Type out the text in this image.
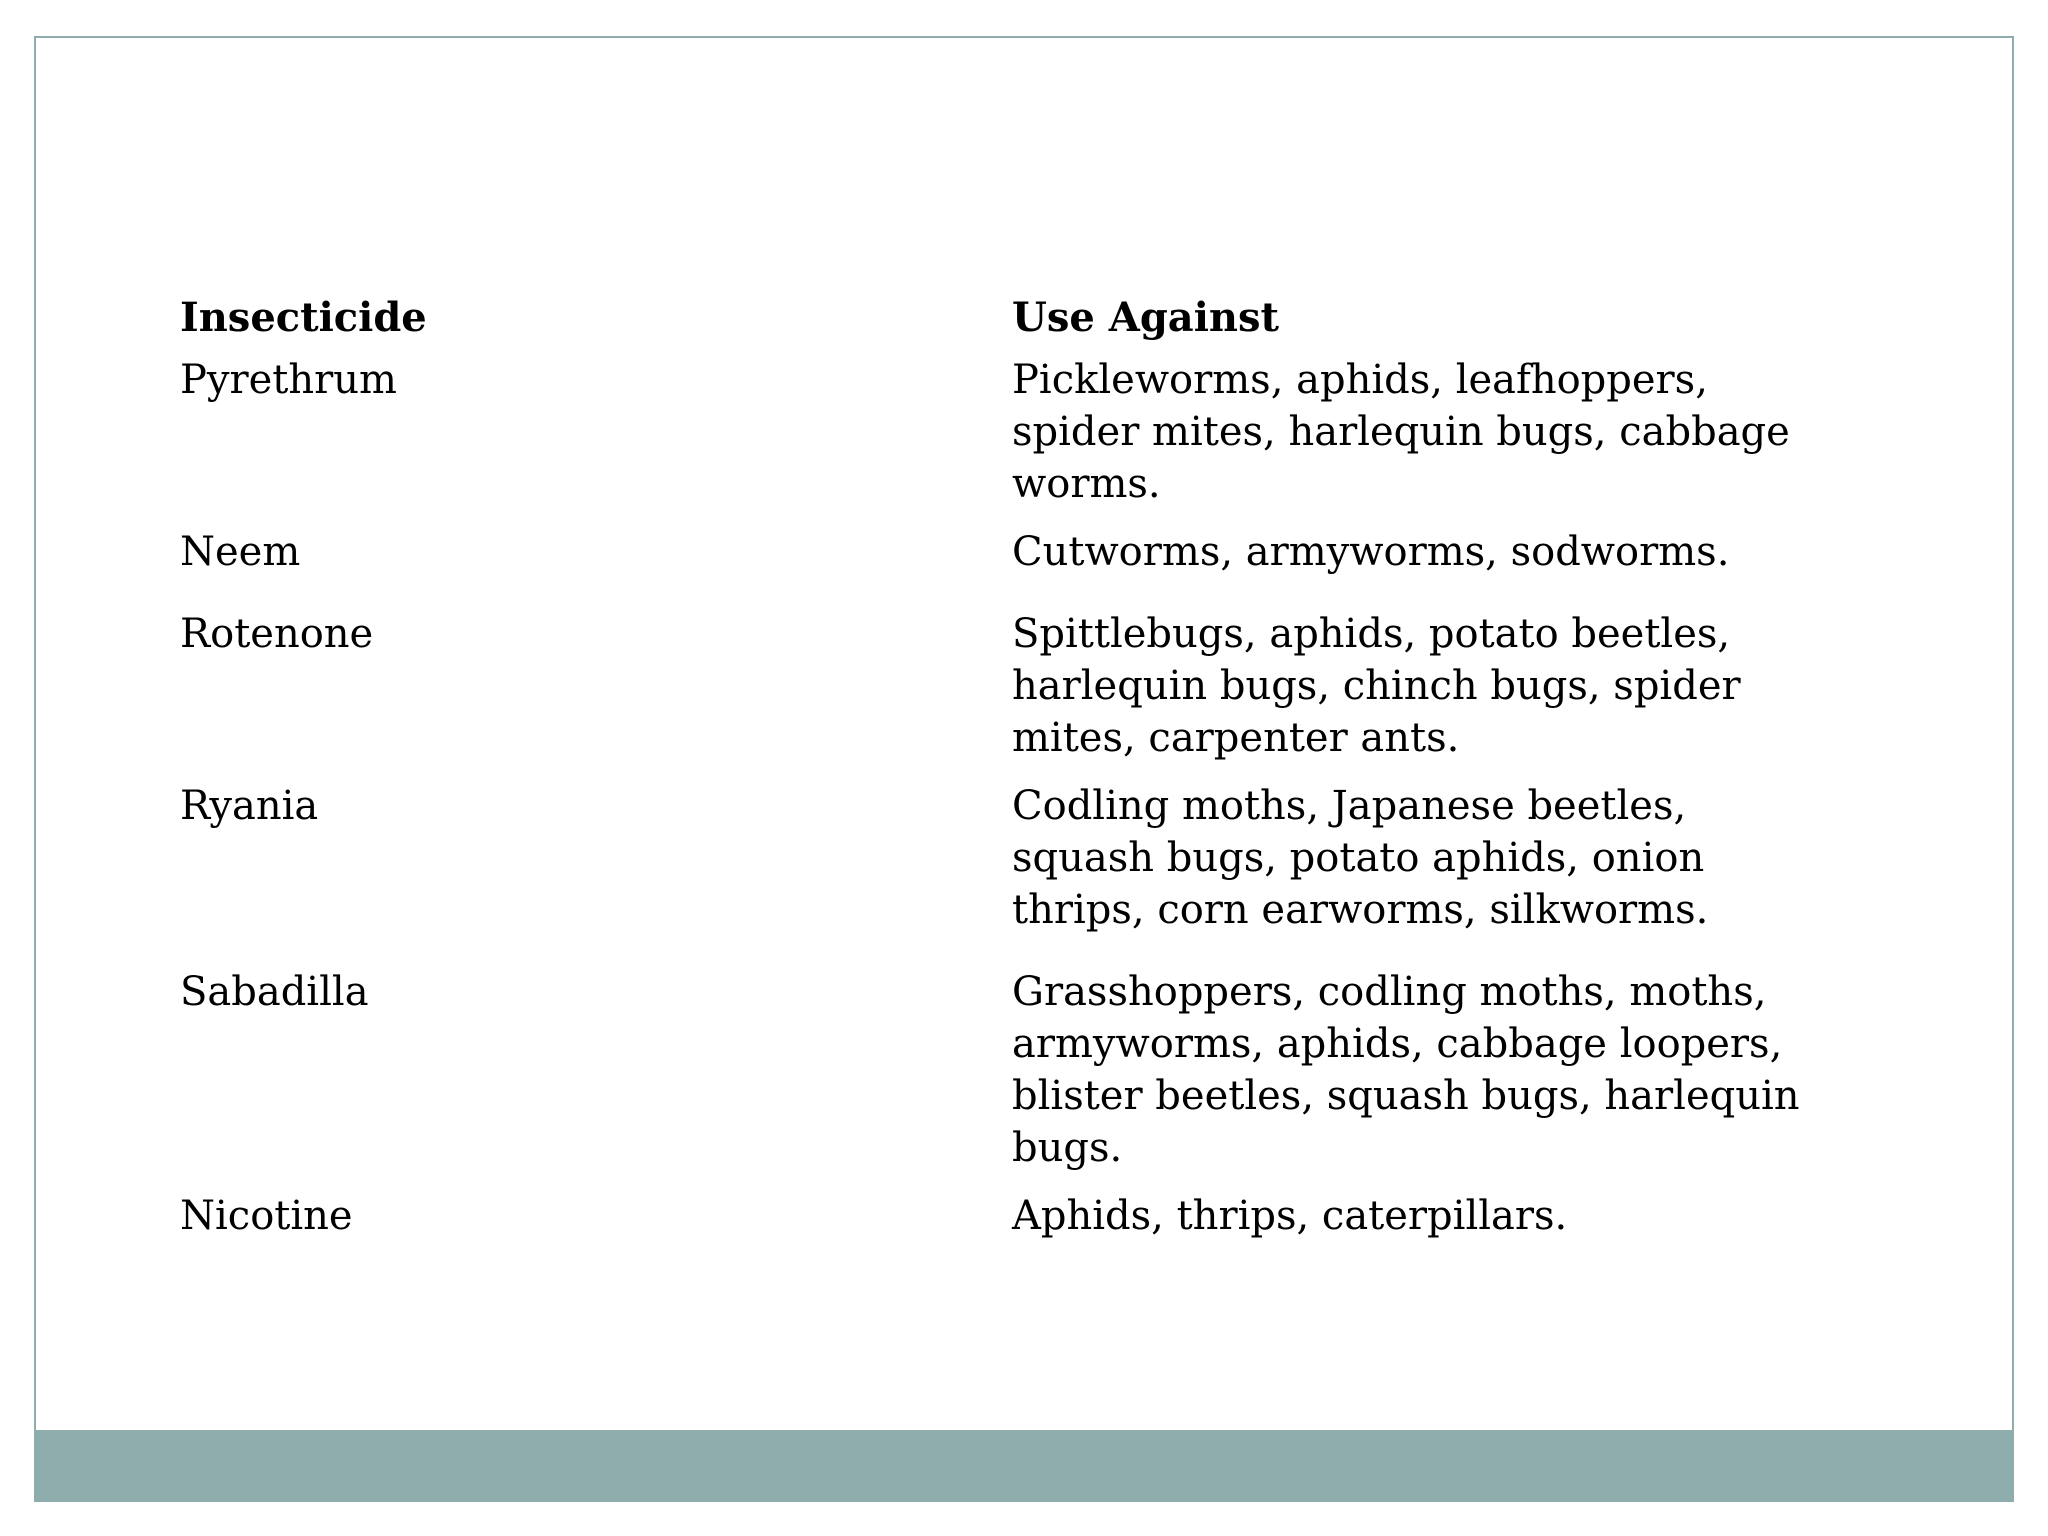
Insecticide	Use Against
Pyrethrum	Pickleworms, aphids, leafhoppers, spider mites, harlequin bugs, cabbage worms.
Neem	Cutworms, armyworms, sodworms.
Rotenone	Spittlebugs, aphids, potato beetles, harlequin bugs, chinch bugs, spider mites, carpenter ants.
Ryania	Codling moths, Japanese beetles, squash bugs, potato aphids, onion thrips, corn earworms, silkworms.
Sabadilla	Grasshoppers, codling moths, moths, armyworms, aphids, cabbage loopers, blister beetles, squash bugs, harlequin bugs.
Nicotine	Aphids, thrips, caterpillars.
